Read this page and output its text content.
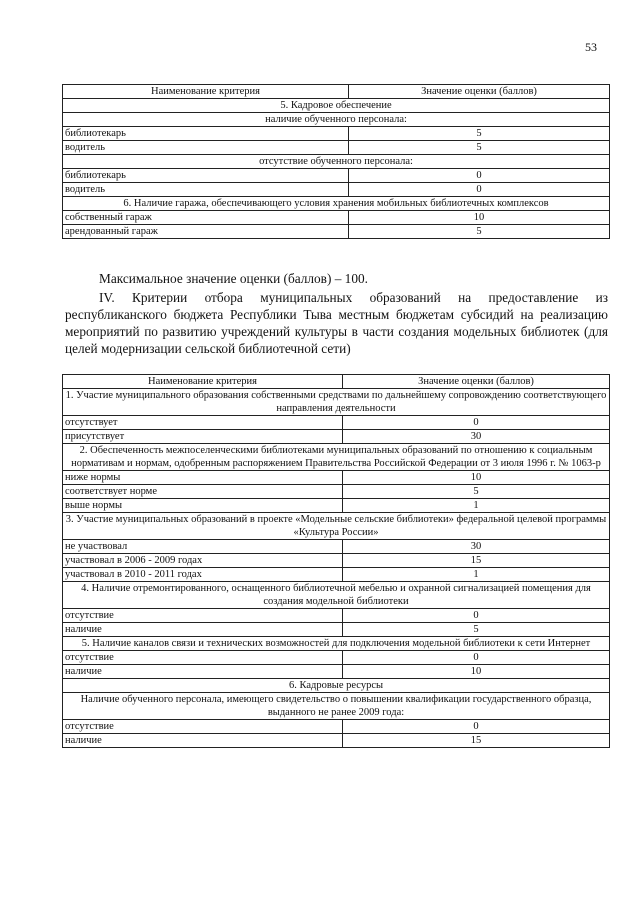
53
Наименование критерия	Значение оценки (баллов)
5. Кадровое обеспечение	
наличие обученного персонала:	
библиотекарь	5
водитель	5
отсутствие обученного персонала:	
библиотекарь	0
водитель	0
6. Наличие гаража, обеспечивающего условия хранения мобильных библиотечных комплексов	
собственный гараж	10
арендованный гараж	5
Максимальное значение оценки (баллов) – 100.
IV. Критерии отбора муниципальных образований на предоставление из республиканского бюджета Республики Тыва местным бюджетам субсидий на реализацию мероприятий по развитию учреждений культуры в части создания модельных библиотек (для целей модернизации сельской библиотечной сети)
Наименование критерия	Значение оценки (баллов)
1. Участие муниципального образования собственными средствами по дальнейшему сопровождению соответствующего направления деятельности	
отсутствует	0
присутствует	30
2. Обеспеченность межпоселенческими библиотеками муниципальных образований по отношению к социальным нормативам и нормам, одобренным распоряжением Правительства Российской Федерации от 3 июля 1996 г. № 1063-р	
ниже нормы	10
соответствует норме	5
выше нормы	1
3. Участие муниципальных образований в проекте «Модельные сельские библиотеки» федеральной целевой программы «Культура России»	
не участвовал	30
участвовал в 2006 - 2009 годах	15
участвовал в 2010 - 2011 годах	1
4. Наличие отремонтированного, оснащенного библиотечной мебелью и охранной сигнализацией помещения для создания модельной библиотеки	
отсутствие	0
наличие	5
5. Наличие каналов связи и технических возможностей для подключения модельной библиотеки к сети Интернет	
отсутствие	0
наличие	10
6. Кадровые ресурсы	
Наличие обученного персонала, имеющего свидетельство о повышении квалификации государственного образца, выданного не ранее 2009 года:	
отсутствие	0
наличие	15
